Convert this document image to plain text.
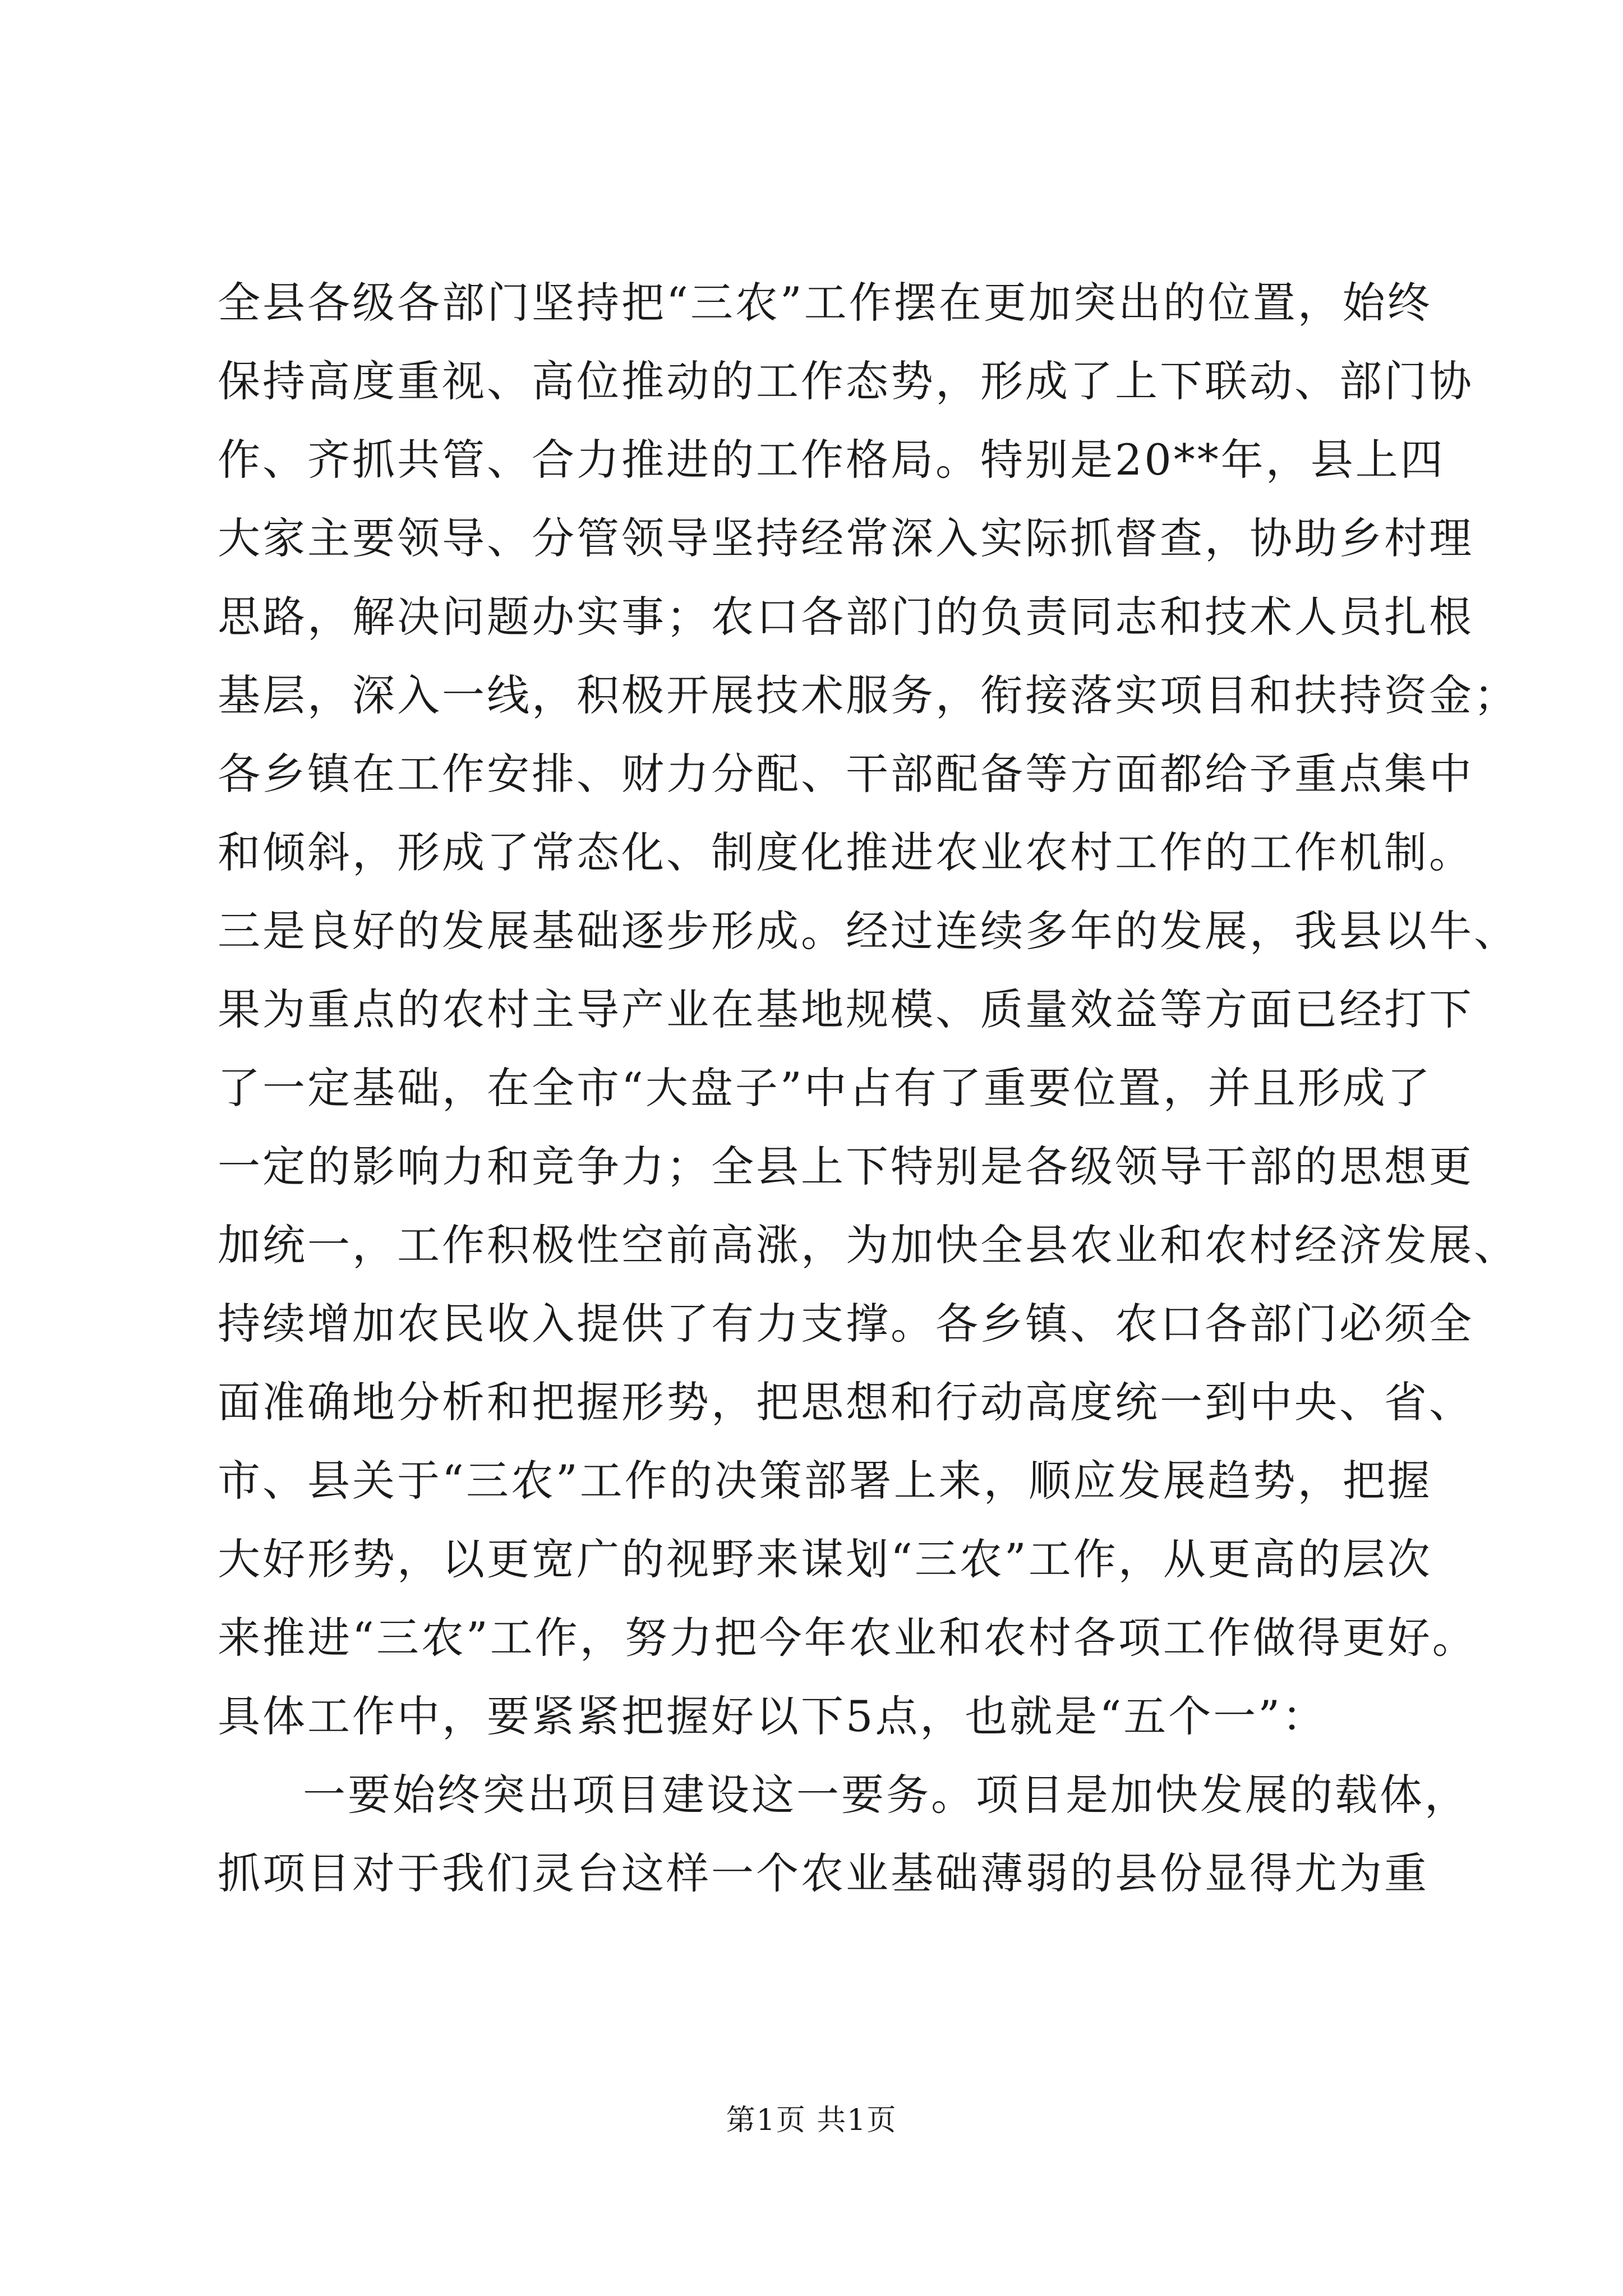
全县各级各部门坚持把“三农”工作摆在更加突出的位置，始终
保持高度重视、高位推动的工作态势，形成了上下联动、部门协
作、齐抓共管、合力推进的工作格局。特别是20**年，县上四
大家主要领导、分管领导坚持经常深入实际抓督查，协助乡村理
思路，解决问题办实事；农口各部门的负责同志和技术人员扎根
基层，深入一线，积极开展技术服务，衔接落实项目和扶持资金；
各乡镇在工作安排、财力分配、干部配备等方面都给予重点集中
和倾斜，形成了常态化、制度化推进农业农村工作的工作机制。
三是良好的发展基础逐步形成。经过连续多年的发展，我县以牛、
果为重点的农村主导产业在基地规模、质量效益等方面已经打下
了一定基础，在全市“大盘子”中占有了重要位置，并且形成了
一定的影响力和竞争力；全县上下特别是各级领导干部的思想更
加统一，工作积极性空前高涨，为加快全县农业和农村经济发展、
持续增加农民收入提供了有力支撑。各乡镇、农口各部门必须全
面准确地分析和把握形势，把思想和行动高度统一到中央、省、
市、县关于“三农”工作的决策部署上来，顺应发展趋势，把握
大好形势，以更宽广的视野来谋划“三农”工作，从更高的层次
来推进“三农”工作，努力把今年农业和农村各项工作做得更好。
具体工作中，要紧紧把握好以下5点，也就是“五个一”：
一要始终突出项目建设这一要务。项目是加快发展的载体，
抓项目对于我们灵台这样一个农业基础薄弱的县份显得尤为重
第1页 共1页
